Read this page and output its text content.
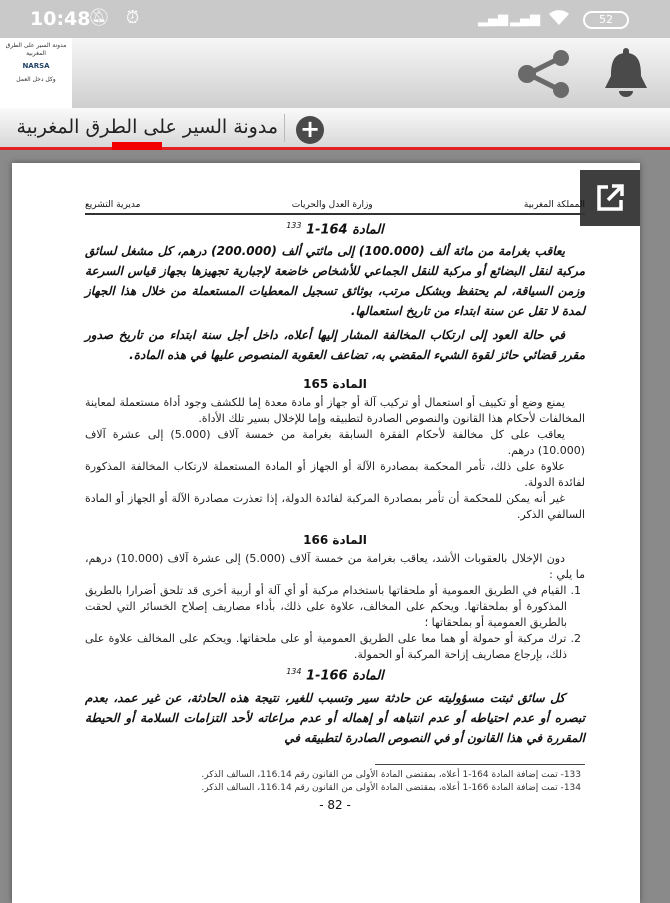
10:48
🔕︎ ⏰︎	▂▄▆ ▂▄▆	52
مدونة السير على الطرق المغربية
NARSA
وكل دخل العمل
مدونة السير على الطرق المغربية +
المملكة المغربية
وزارة العدل والحريات
مديرية التشريع
المادة 164-1 $^{133}$

يعاقب بغرامة من مائة ألف (100.000) إلى مائتي ألف (200.000) درهم، كل مشغل لسائق مركبة لنقل البضائع أو مركبة للنقل الجماعي للأشخاص خاضعة لإجبارية تجهيزها بجهاز قياس السرعة وزمن السياقة، لم يحتفظ وبشكل مرتب، بوثائق تسجيل المعطيات المستعملة من خلال هذا الجهاز لمدة لا تقل عن سنة ابتداء من تاريخ استعمالها.

في حالة العود إلى ارتكاب المخالفة المشار إليها أعلاه، داخل أجل سنة ابتداء من تاريخ صدور مقرر قضائي حائز لقوة الشيء المقضي به، تضاعف العقوبة المنصوص عليها في هذه المادة.

المادة 165

يمنع وضع أو تكييف أو استعمال أو تركيب آلة أو جهاز أو مادة معدة إما للكشف وجود أداة مستعملة لمعاينة المخالفات لأحكام هذا القانون والنصوص الصادرة لتطبيقه وإما للإخلال بسير تلك الأداة.

يعاقب على كل مخالفة لأحكام الفقرة السابقة بغرامة من خمسة آلاف (5.000) إلى عشرة آلاف (10.000) درهم.

علاوة على ذلك، تأمر المحكمة بمصادرة الآلة أو الجهاز أو المادة المستعملة لارتكاب المخالفة المذكورة لفائدة الدولة.

غير أنه يمكن للمحكمة أن تأمر بمصادرة المركبة لفائدة الدولة، إذا تعذرت مصادرة الآلة أو الجهاز أو المادة السالفي الذكر.

المادة 166

دون الإخلال بالعقوبات الأشد، يعاقب بغرامة من خمسة آلاف (5.000) إلى عشرة آلاف (10.000) درهم، ما يلي :

1. القيام في الطريق العمومية أو ملحقاتها باستخدام مركبة أو أي آلة أو أربية أخرى قد تلحق أضرارا بالطريق المذكورة أو بملحقاتها. ويحكم على المخالف، علاوة على ذلك، بأداء مصاريف إصلاح الخسائر التي لحقت بالطريق العمومية أو بملحقاتها ؛

2. ترك مركبة أو حمولة أو هما معا على الطريق العمومية أو على ملحقاتها. ويحكم على المخالف علاوة على ذلك، بإرجاع مصاريف إزاحة المركبة أو الحمولة.

المادة 166-1 $^{134}$

كل سائق ثبتت مسؤوليته عن حادثة سير وتسبب للغير، نتيجة هذه الحادثة، عن غير عمد، بعدم تبصره أو عدم احتياطه أو عدم انتباهه أو إهماله أو عدم مراعاته لأحد التزامات السلامة أو الحيطة المقررة في هذا القانون أو في النصوص الصادرة لتطبيقه في

133- تمت إضافة المادة 164-1 أعلاه، بمقتضى المادة الأولى من القانون رقم 116.14، السالف الذكر.

134- تمت إضافة المادة 166-1 أعلاه، بمقتضى المادة الأولى من القانون رقم 116.14، السالف الذكر.

- 82 -
